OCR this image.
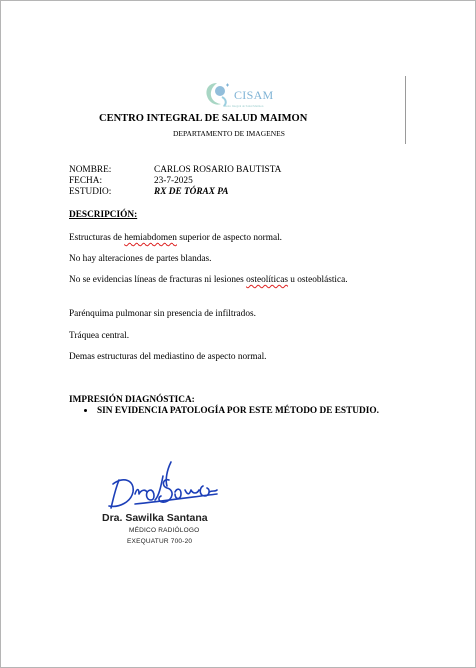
CISAM
Centro Integral de Salud Maimon
CENTRO INTEGRAL DE SALUD MAIMON
DEPARTAMENTO DE IMAGENES
NOMBRE:	CARLOS ROSARIO BAUTISTA
FECHA:	23-7-2025
ESTUDIO:	RX DE TÓRAX PA
DESCRIPCIÓN:
Estructuras de hemiabdomen superior de aspecto normal.
No hay alteraciones de partes blandas.
No se evidencias líneas de fracturas ni lesiones osteolíticas u osteoblástica.
Parénquima pulmonar sin presencia de infiltrados.
Tráquea central.
Demas estructuras del mediastino de aspecto normal.
IMPRESIÓN DIAGNÓSTICA:
SIN EVIDENCIA PATOLOGÍA POR ESTE MÉTODO DE ESTUDIO.
Dra. Sawilka Santana
MÉDICO RADIÓLOGO
EXEQUATUR 700-20
